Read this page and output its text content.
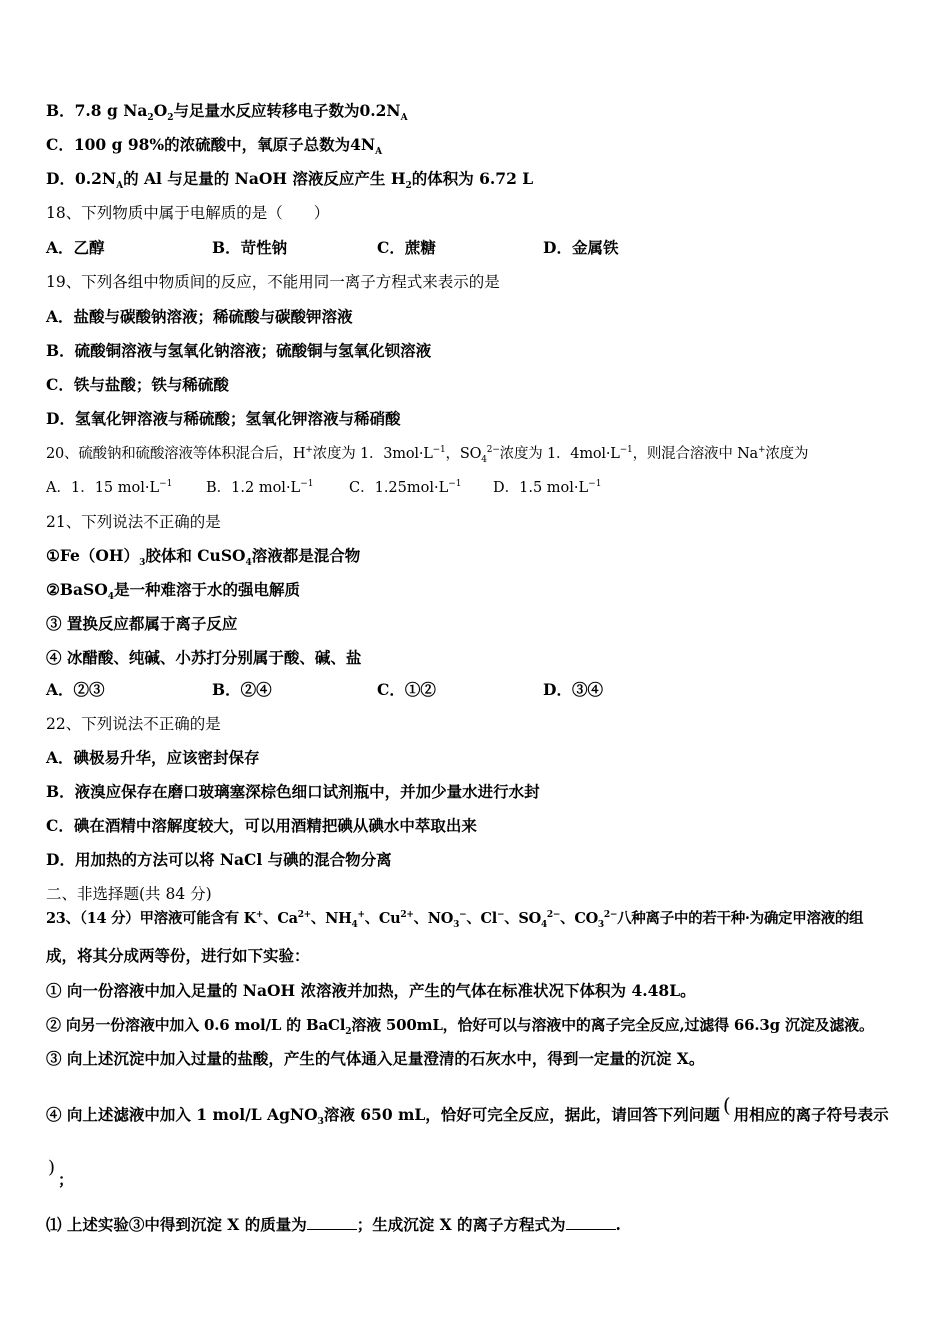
B．7.8 g $Na_2O_2$与足量水反应转移电子数为$0.2N_A$
C．100 g 98%的浓硫酸中，氧原子总数为$4N_A$
D．$0.2N_A$的 Al 与足量的 NaOH 溶液反应产生 $H_2$的体积为 6.72 L
18、下列物质中属于电解质的是（　　）
A．乙醇	B．苛性钠	C．蔗糖	D．金属铁
19、下列各组中物质间的反应，不能用同一离子方程式来表示的是
A．盐酸与碳酸钠溶液；稀硫酸与碳酸钾溶液
B．硫酸铜溶液与氢氧化钠溶液；硫酸铜与氢氧化钡溶液
C．铁与盐酸；铁与稀硫酸
D．氢氧化钾溶液与稀硫酸；氢氧化钾溶液与稀硝酸
20、硫酸钠和硫酸溶液等体积混合后，H+浓度为 1．$3mol\cdot L^{-1}$，$SO_4^{2-}$浓度为 1．$4mol\cdot L^{-1}$，则混合溶液中 Na+浓度为
A．1．15 $mol\cdot L^{-1}$ B．1.2 $mol\cdot L^{-1}$ C．$1.25mol\cdot L^{-1}$ D．1.5 $mol\cdot L^{-1}$
21、下列说法不正确的是
$①Fe(OH)_3$胶体和 CuSO$_4$溶液都是混合物
②BaSO$_4$是一种难溶于水的强电解质
③ 置换反应都属于离子反应
④ 冰醋酸、纯碱、小苏打分别属于酸、碱、盐
A．②③	B．②④	C．①②	D．③④
22、下列说法不正确的是
A．碘极易升华，应该密封保存
B．液溴应保存在磨口玻璃塞深棕色细口试剂瓶中，并加少量水进行水封
C．碘在酒精中溶解度较大，可以用酒精把碘从碘水中萃取出来
D．用加热的方法可以将 NaCl 与碘的混合物分离
二、非选择题(共 84 分)
23、（14 分）甲溶液可能含有 K+、$Ca^{2+}$、$NH_4^+$、$Cu^{2+}$、$NO_3^-$、Cl−、$SO_4^{2-}$、$CO_3^{2-}$八种离子中的若干种·为确定甲溶液的组
成，将其分成两等份，进行如下实验：
① 向一份溶液中加入足量的 NaOH 浓溶液并加热，产生的气体在标准状况下体积为 4.48L。
② 向另一份溶液中加入 0.6 mol/L 的 BaCl$_2$溶液 500mL，恰好可以与溶液中的离子完全反应,过滤得 66.3g 沉淀及滤液。
③ 向上述沉淀中加入过量的盐酸，产生的气体通入足量澄清的石灰水中，得到一定量的沉淀 X。
④ 向上述滤液中加入 1 mol/L AgNO$_3$溶液 650 mL，恰好可完全反应，据此，请回答下列问题 ( 用相应的离子符号表示
)
；
⑴ 上述实验③中得到沉淀 X 的质量为	；生成沉淀 X 的离子方程式为	.
